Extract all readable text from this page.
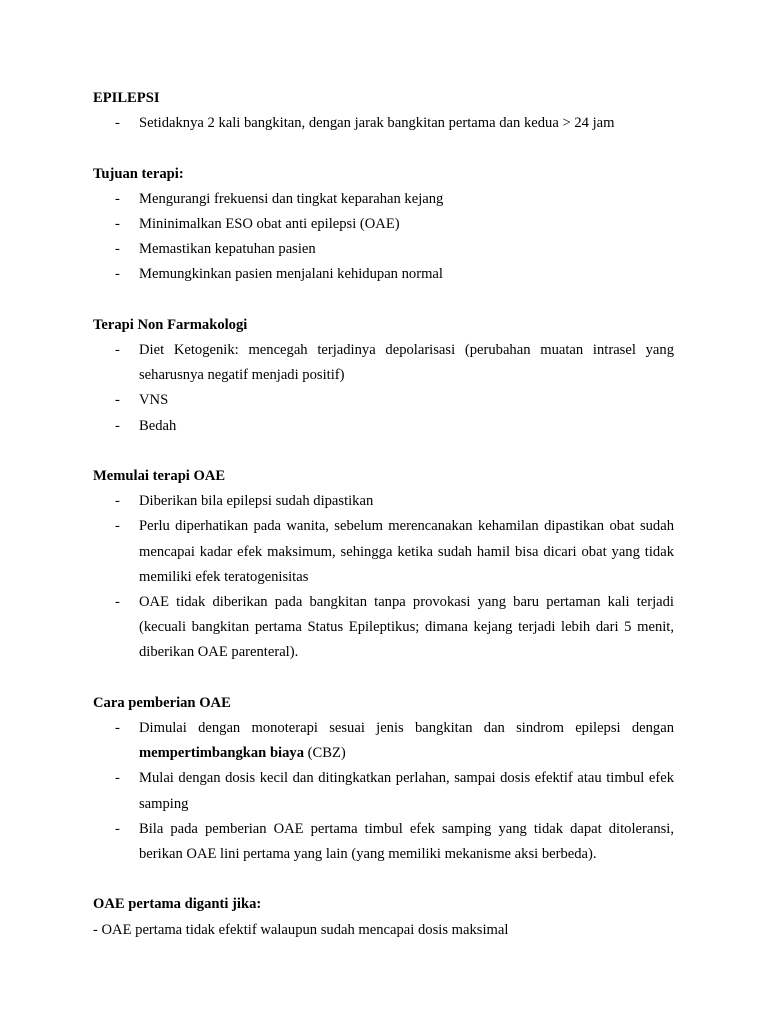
EPILEPSI
- Setidaknya 2 kali bangkitan, dengan jarak bangkitan pertama dan kedua > 24 jam
Tujuan terapi:
- Mengurangi frekuensi dan tingkat keparahan kejang
- Mininimalkan ESO obat anti epilepsi (OAE)
- Memastikan kepatuhan pasien
- Memungkinkan pasien menjalani kehidupan normal
Terapi Non Farmakologi
- Diet Ketogenik: mencegah terjadinya depolarisasi (perubahan muatan intrasel yang seharusnya negatif menjadi positif)
- VNS
- Bedah
Memulai terapi OAE
- Diberikan bila epilepsi sudah dipastikan
- Perlu diperhatikan pada wanita, sebelum merencanakan kehamilan dipastikan obat sudah mencapai kadar efek maksimum, sehingga ketika sudah hamil bisa dicari obat yang tidak memiliki efek teratogenisitas
- OAE tidak diberikan pada bangkitan tanpa provokasi yang baru pertaman kali terjadi (kecuali bangkitan pertama Status Epileptikus; dimana kejang terjadi lebih dari 5 menit, diberikan OAE parenteral).
Cara pemberian OAE
- Dimulai dengan monoterapi sesuai jenis bangkitan dan sindrom epilepsi dengan mempertimbangkan biaya (CBZ)
- Mulai dengan dosis kecil dan ditingkatkan perlahan, sampai dosis efektif atau timbul efek samping
- Bila pada pemberian OAE pertama timbul efek samping yang tidak dapat ditoleransi, berikan OAE lini pertama yang lain (yang memiliki mekanisme aksi berbeda).
OAE pertama diganti jika:
- OAE pertama tidak efektif walaupun sudah mencapai dosis maksimal
